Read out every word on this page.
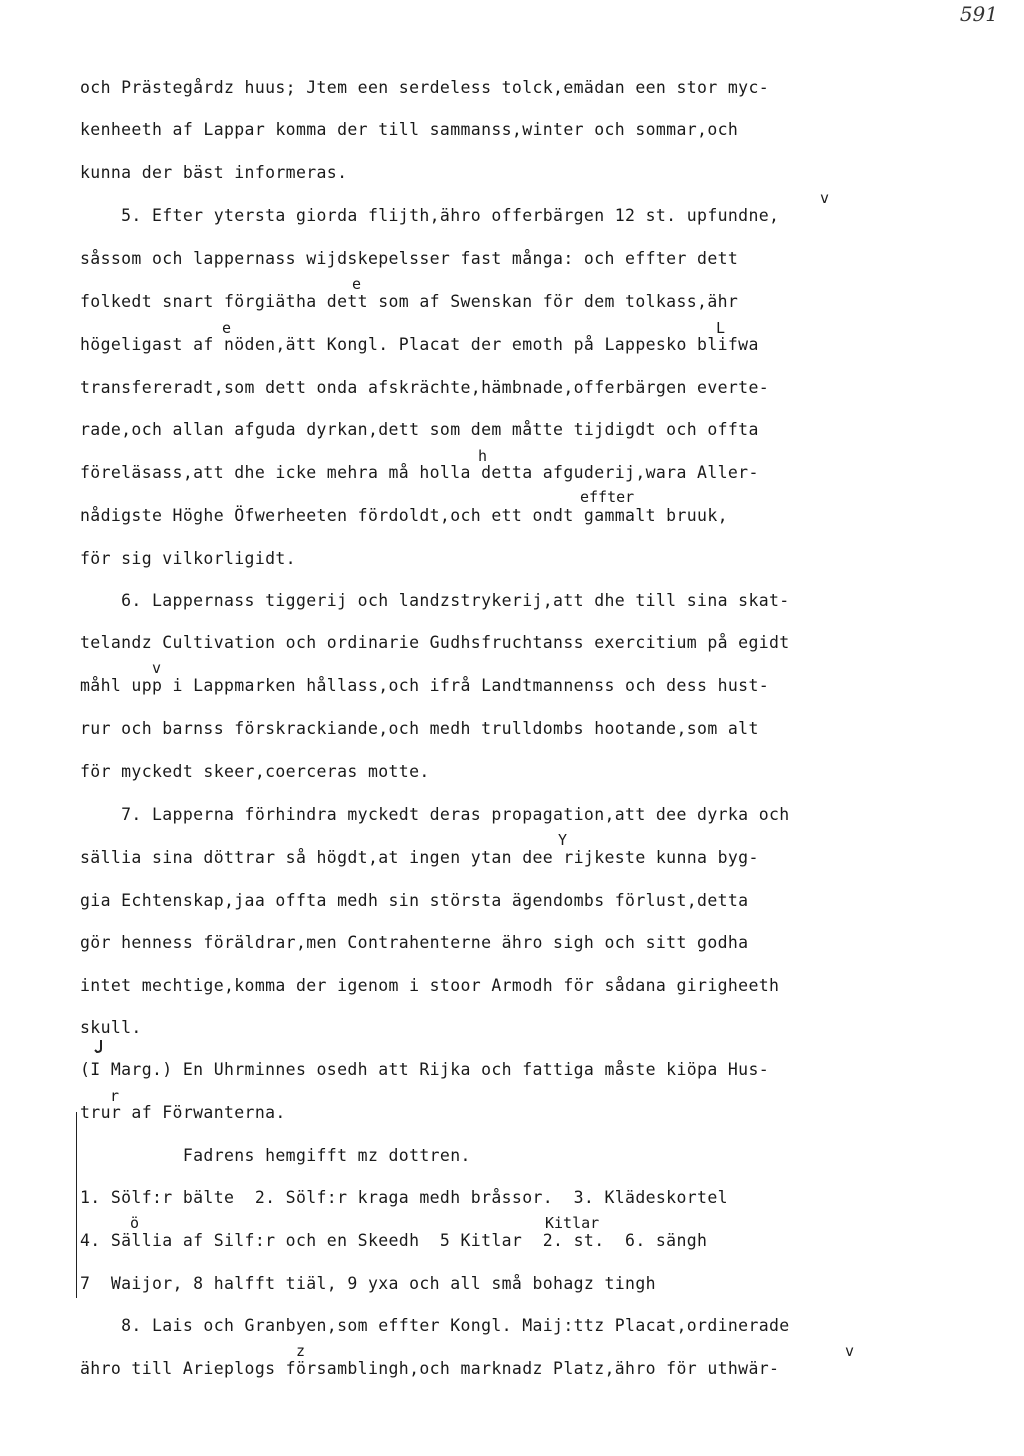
591
och Prästegårdz huus; Jtem een serdeless tolck,emädan een stor myc-
kenheeth af Lappar komma der till sammanss,winter och sommar,och
kunna der bäst informeras.
5. Efter ytersta giorda flijth,ähro offerbärgen 12 st. upfundne,
såssom och lappernass wijdskepelsser fast många: och effter dett
folkedt snart förgiätha dett som af Swenskan för dem tolkass,ähr
högeligast af nöden,ätt Kongl. Placat der emoth på Lappesko blifwa
transfereradt,som dett onda afskrächte,hämbnade,offerbärgen everte-
rade,och allan afguda dyrkan,dett som dem måtte tijdigdt och offta
föreläsass,att dhe icke mehra må holla detta afguderij,wara Aller-
nådigste Höghe Öfwerheeten fördoldt,och ett ondt gammalt bruuk,
för sig vilkorligidt.
6. Lappernass tiggerij och landzstrykerij,att dhe till sina skat-
telandz Cultivation och ordinarie Gudhsfruchtanss exercitium på egidt
måhl upp i Lappmarken hållass,och ifrå Landtmannenss och dess hust-
rur och barnss förskrackiande,och medh trulldombs hootande,som alt
för myckedt skeer,coerceras motte.
7. Lapperna förhindra myckedt deras propagation,att dee dyrka och
sällia sina döttrar så högdt,at ingen ytan dee rijkeste kunna byg-
gia Echtenskap,jaa offta medh sin största ägendombs förlust,detta
gör henness föräldrar,men Contrahenterne ähro sigh och sitt godha
intet mechtige,komma der igenom i stoor Armodh för sådana girigheeth
skull.
(I Marg.) En Uhrminnes osedh att Rijka och fattiga måste kiöpa Hus-
trur af Förwanterna.
Fadrens hemgifft mz dottren.
1. Sölf:r bälte  2. Sölf:r kraga medh bråssor.  3. Klädeskortel
4. Sällia af Silf:r och en Skeedh  5 Kitlar  2. st.  6. sängh
7  Waijor, 8 halfft tiäl, 9 yxa och all små bohagz tingh
8. Lais och Granbyen,som effter Kongl. Maij:ttz Placat,ordinerade
ähro till Arieplogs församblingh,och marknadz Platz,ähro för uthwär-
v
e
e	L
h
effter
v
Y
r
ö	Kitlar
z	v
